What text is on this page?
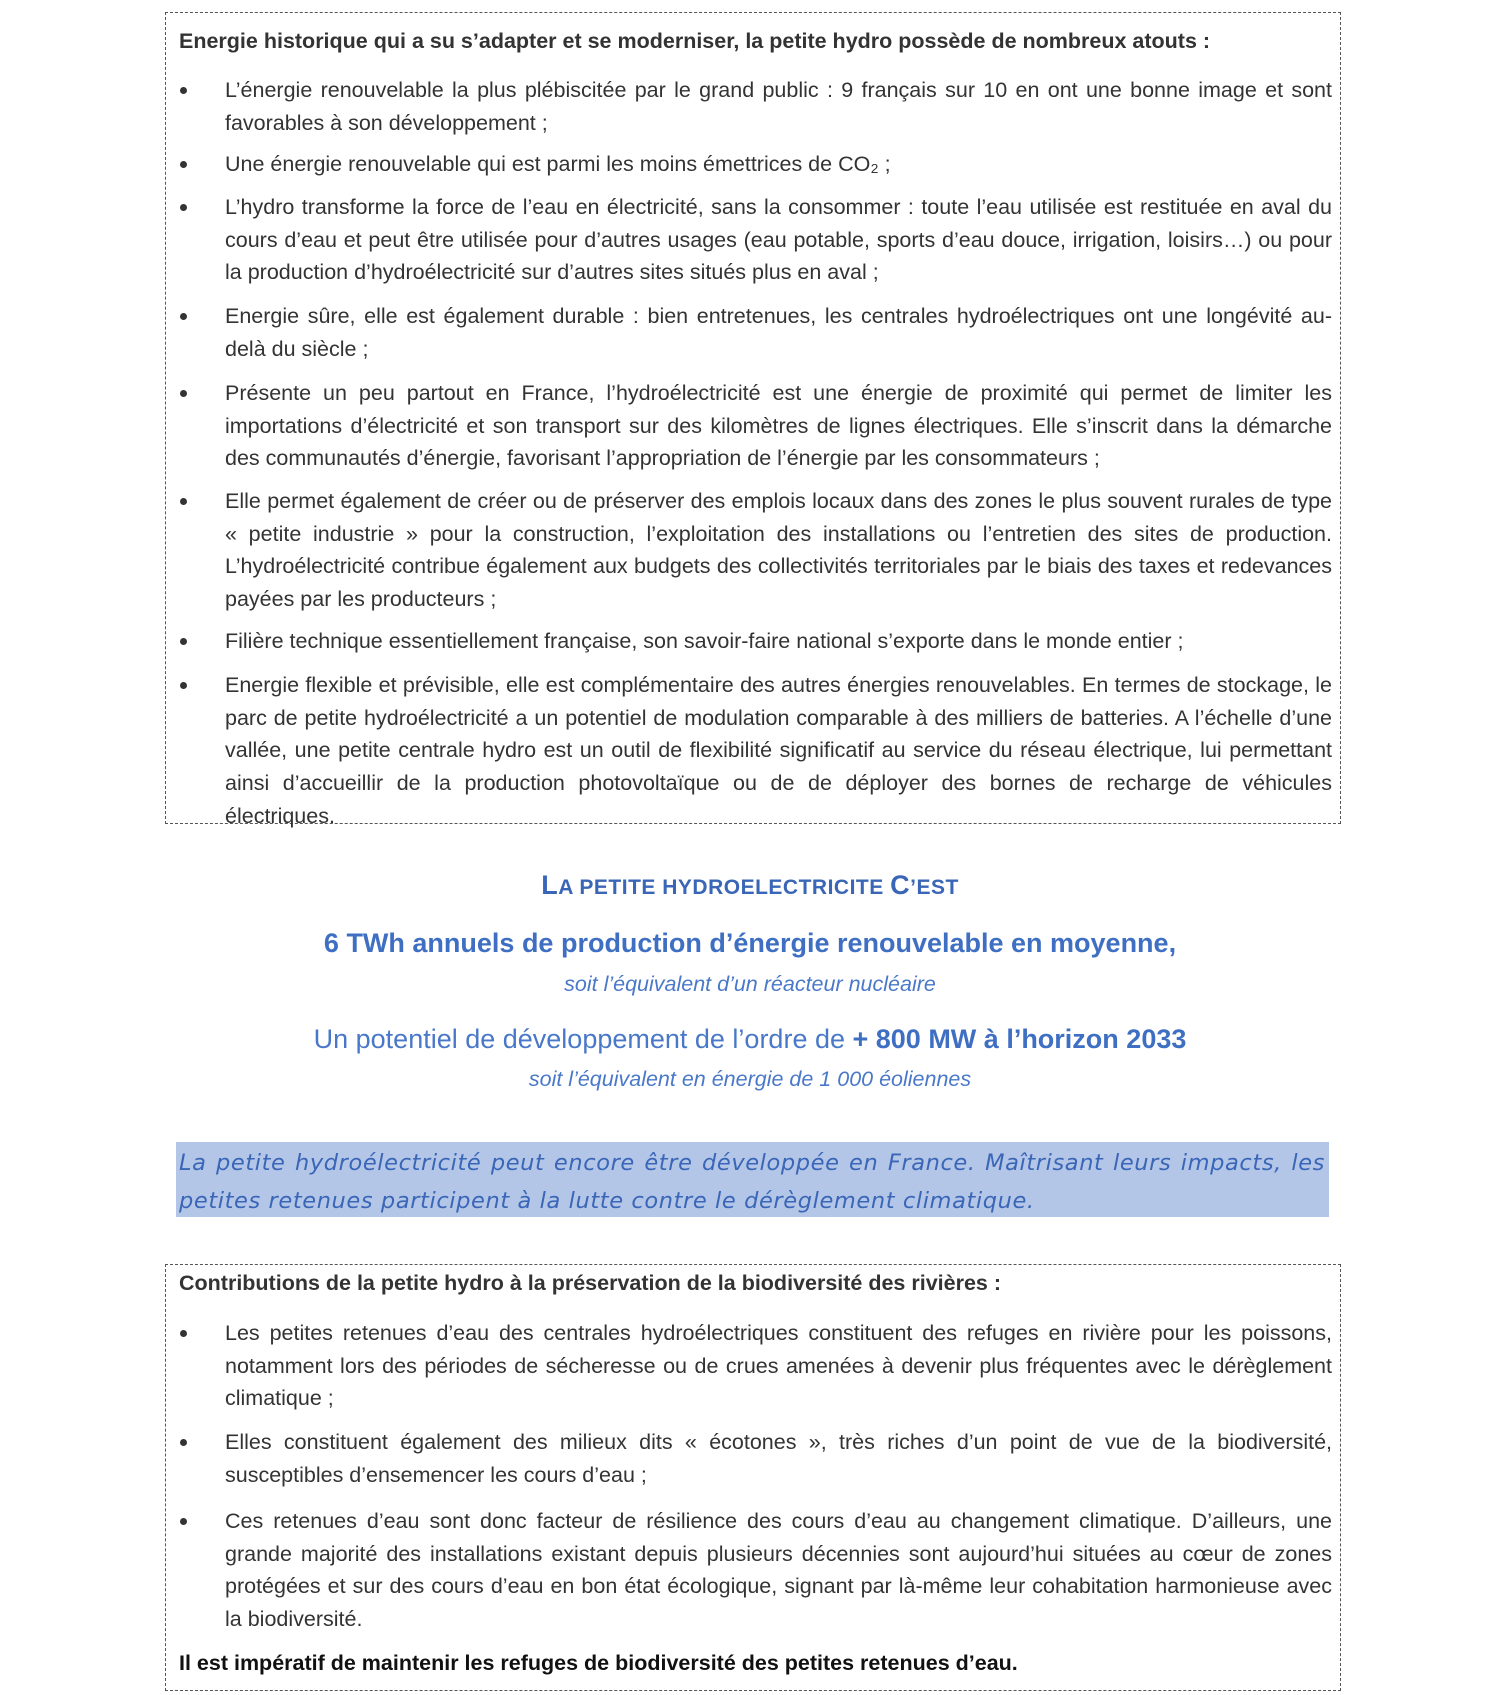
Energie historique qui a su s’adapter et se moderniser, la petite hydro possède de nombreux atouts :
L’énergie renouvelable la plus plébiscitée par le grand public : 9 français sur 10 en ont une bonne image et sont favorables à son développement ;
Une énergie renouvelable qui est parmi les moins émettrices de CO₂ ;
L’hydro transforme la force de l’eau en électricité, sans la consommer : toute l’eau utilisée est restituée en aval du cours d’eau et peut être utilisée pour d’autres usages (eau potable, sports d’eau douce, irrigation, loisirs…) ou pour la production d’hydroélectricité sur d’autres sites situés plus en aval ;
Energie sûre, elle est également durable : bien entretenues, les centrales hydroélectriques ont une longévité au-delà du siècle ;
Présente un peu partout en France, l’hydroélectricité est une énergie de proximité qui permet de limiter les importations d’électricité et son transport sur des kilomètres de lignes électriques. Elle s’inscrit dans la démarche des communautés d’énergie, favorisant l’appropriation de l’énergie par les consommateurs ;
Elle permet également de créer ou de préserver des emplois locaux dans des zones le plus souvent rurales de type « petite industrie » pour la construction, l’exploitation des installations ou l’entretien des sites de production. L’hydroélectricité contribue également aux budgets des collectivités territoriales par le biais des taxes et redevances payées par les producteurs ;
Filière technique essentiellement française, son savoir-faire national s’exporte dans le monde entier ;
Energie flexible et prévisible, elle est complémentaire des autres énergies renouvelables. En termes de stockage, le parc de petite hydroélectricité a un potentiel de modulation comparable à des milliers de batteries. A l’échelle d’une vallée, une petite centrale hydro est un outil de flexibilité significatif au service du réseau électrique, lui permettant ainsi d’accueillir de la production photovoltaïque ou de de déployer des bornes de recharge de véhicules électriques.
LA PETITE HYDROELECTRICITE C’EST
6 TWh annuels de production d’énergie renouvelable en moyenne,
soit l’équivalent d’un réacteur nucléaire
Un potentiel de développement de l’ordre de + 800 MW à l’horizon 2033
soit l’équivalent en énergie de 1 000 éoliennes
La petite hydroélectricité peut encore être développée en France. Maîtrisant leurs impacts, les petites retenues participent à la lutte contre le dérèglement climatique.
Contributions de la petite hydro à la préservation de la biodiversité des rivières :
Les petites retenues d’eau des centrales hydroélectriques constituent des refuges en rivière pour les poissons, notamment lors des périodes de sécheresse ou de crues amenées à devenir plus fréquentes avec le dérèglement climatique ;
Elles constituent également des milieux dits « écotones », très riches d’un point de vue de la biodiversité, susceptibles d’ensemencer les cours d’eau ;
Ces retenues d’eau sont donc facteur de résilience des cours d’eau au changement climatique. D’ailleurs, une grande majorité des installations existant depuis plusieurs décennies sont aujourd’hui situées au cœur de zones protégées et sur des cours d’eau en bon état écologique, signant par là-même leur cohabitation harmonieuse avec la biodiversité.
Il est impératif de maintenir les refuges de biodiversité des petites retenues d’eau.
